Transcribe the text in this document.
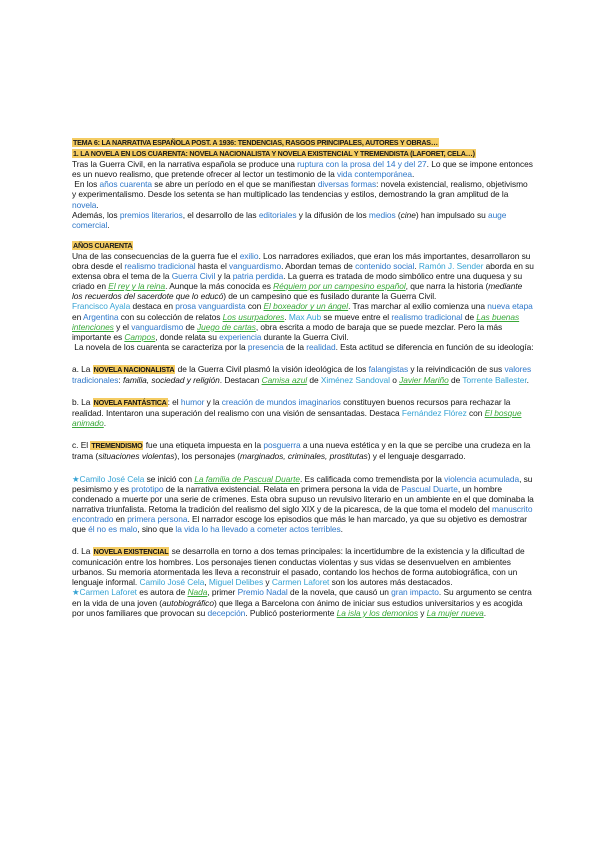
TEMA 6: LA NARRATIVA ESPAÑOLA POST. A 1936: TENDENCIAS, RASGOS PRINCIPALES, AUTORES Y OBRAS…
1. LA NOVELA EN LOS CUARENTA: NOVELA NACIONALISTA Y NOVELA EXISTENCIAL Y TREMENDISTA (LAFORET, CELA…)

Tras la Guerra Civil, en la narrativa española se produce una ruptura con la prosa del 14 y del 27. Lo que se impone entonces es un nuevo realismo, que pretende ofrecer al lector un testimonio de la vida contemporánea.

En los años cuarenta se abre un período en el que se manifiestan diversas formas: novela existencial, realismo, objetivismo y experimentalismo. Desde los setenta se han multiplicado las tendencias y estilos, demostrando la gran amplitud de la novela.
Además, los premios literarios, el desarrollo de las editoriales y la difusión de los medios (cine) han impulsado su auge comercial.

AÑOS CUARENTA

Una de las consecuencias de la guerra fue el exilio. Los narradores exiliados, que eran los más importantes, desarrollaron su obra desde el realismo tradicional hasta el vanguardismo. Abordan temas de contenido social. Ramón J. Sender aborda en su extensa obra el tema de la Guerra Civil y la patria perdida. La guerra es tratada de modo simbólico entre una duquesa y su criado en El rey y la reina. Aunque la más conocida es Réquiem por un campesino español, que narra la historia (mediante los recuerdos del sacerdote que lo educó) de un campesino que es fusilado durante la Guerra Civil.

Francisco Ayala destaca en prosa vanguardista con El boxeador y un ángel. Tras marchar al exilio comienza una nueva etapa en Argentina con su colección de relatos Los usurpadores. Max Aub se mueve entre el realismo tradicional de Las buenas intenciones y el vanguardismo de Juego de cartas, obra escrita a modo de baraja que se puede mezclar. Pero la más importante es Campos, donde relata su experiencia durante la Guerra Civil.
La novela de los cuarenta se caracteriza por la presencia de la realidad. Esta actitud se diferencia en función de su ideología:

a. La NOVELA NACIONALISTA de la Guerra Civil plasmó la visión ideológica de los falangistas y la reivindicación de sus valores tradicionales: familia, sociedad y religión. Destacan Camisa azul de Ximénez Sandoval o Javier Mariño de Torrente Ballester.

b. La NOVELA FANTÁSTICA: el humor y la creación de mundos imaginarios constituyen buenos recursos para rechazar la realidad. Intentaron una superación del realismo con una visión de sensantadas. Destaca Fernández Flórez con El bosque animado.

c. El TREMENDISMO fue una etiqueta impuesta en la posguerra a una nueva estética y en la que se percibe una crudeza en la trama (situaciones violentas), los personajes (marginados, criminales, prostitutas) y el lenguaje desgarrado.

★Camilo José Cela se inició con La familia de Pascual Duarte. Es calificada como tremendista por la violencia acumulada, su pesimismo y es prototipo de la narrativa existencial. Relata en primera persona la vida de Pascual Duarte, un hombre condenado a muerte por una serie de crímenes. Esta obra supuso un revulsivo literario en un ambiente en el que dominaba la narrativa triunfalista. Retoma la tradición del realismo del siglo XIX y de la picaresca, de la que toma el modelo del manuscrito encontrado en primera persona. El narrador escoge los episodios que más le han marcado, ya que su objetivo es demostrar que él no es malo, sino que la vida lo ha llevado a cometer actos terribles.

d. La NOVELA EXISTENCIAL se desarrolla en torno a dos temas principales: la incertidumbre de la existencia y la dificultad de comunicación entre los hombres. Los personajes tienen conductas violentas y sus vidas se desenvuelven en ambientes urbanos. Su memoria atormentada les lleva a reconstruir el pasado, contando los hechos de forma autobiográfica, con un lenguaje informal. Camilo José Cela, Miguel Delibes y Carmen Laforet son los autores más destacados.
★Carmen Laforet es autora de Nada, primer Premio Nadal de la novela, que causó un gran impacto. Su argumento se centra en la vida de una joven (autobiográfico) que llega a Barcelona con ánimo de iniciar sus estudios universitarios y es acogida por unos familiares que provocan su decepción. Publicó posteriormente La isla y los demonios y La mujer nueva.
